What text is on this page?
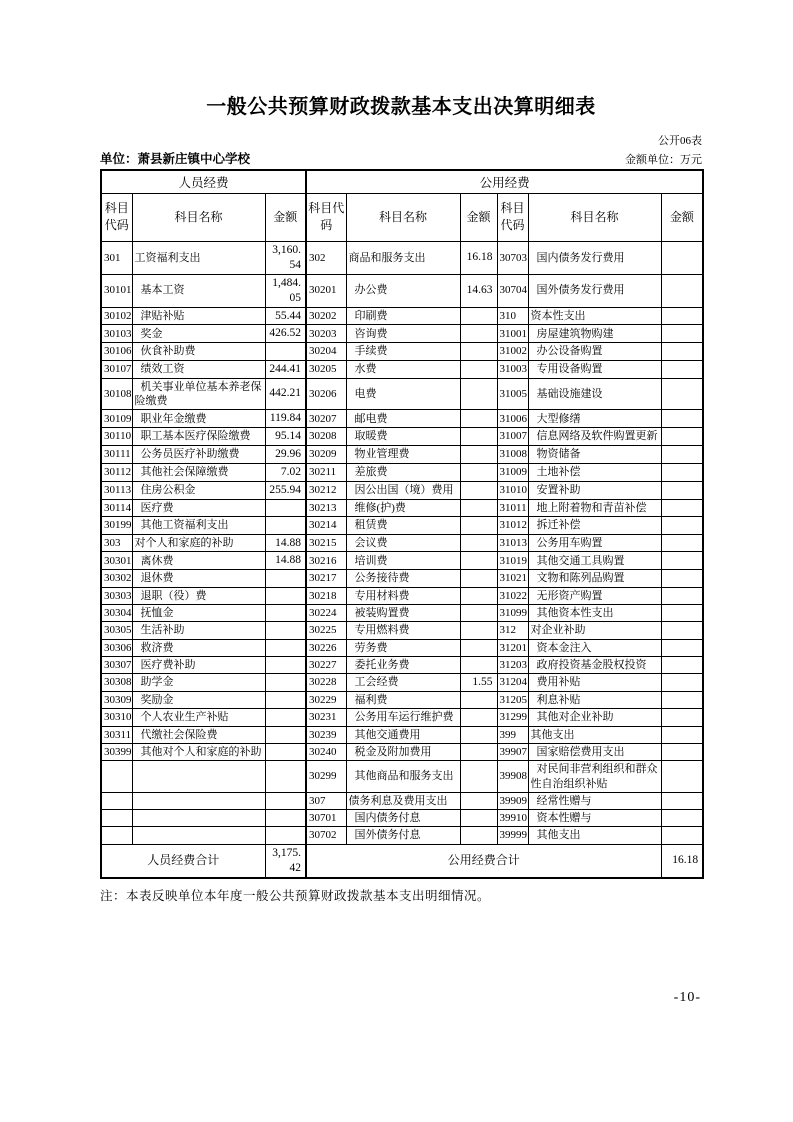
一般公共预算财政拨款基本支出决算明细表
公开06表
单位：萧县新庄镇中心学校	金额单位：万元
人员经费			公用经费					
科目代码	科目名称	金额	科目代码	科目名称	金额	科目代码	科目名称	金额
301	工资福利支出	3,160.54	302	商品和服务支出	16.18	30703	国内债务发行费用	
30101	基本工资	1,484.05	30201	办公费	14.63	30704	国外债务发行费用	
30102	津贴补贴	55.44	30202	印刷费		310	资本性支出	
30103	奖金	426.52	30203	咨询费		31001	房屋建筑物购建	
30106	伙食补助费		30204	手续费		31002	办公设备购置	
30107	绩效工资	244.41	30205	水费		31003	专用设备购置	
30108	机关事业单位基本养老保险缴费	442.21	30206	电费		31005	基础设施建设	
30109	职业年金缴费	119.84	30207	邮电费		31006	大型修缮	
30110	职工基本医疗保险缴费	95.14	30208	取暖费		31007	信息网络及软件购置更新	
30111	公务员医疗补助缴费	29.96	30209	物业管理费		31008	物资储备	
30112	其他社会保障缴费	7.02	30211	差旅费		31009	土地补偿	
30113	住房公积金	255.94	30212	因公出国（境）费用		31010	安置补助	
30114	医疗费		30213	维修(护)费		31011	地上附着物和青苗补偿	
30199	其他工资福利支出		30214	租赁费		31012	拆迁补偿	
303	对个人和家庭的补助	14.88	30215	会议费		31013	公务用车购置	
30301	离休费	14.88	30216	培训费		31019	其他交通工具购置	
30302	退休费		30217	公务接待费		31021	文物和陈列品购置	
30303	退职（役）费		30218	专用材料费		31022	无形资产购置	
30304	抚恤金		30224	被装购置费		31099	其他资本性支出	
30305	生活补助		30225	专用燃料费		312	对企业补助	
30306	救济费		30226	劳务费		31201	资本金注入	
30307	医疗费补助		30227	委托业务费		31203	政府投资基金股权投资	
30308	助学金		30228	工会经费	1.55	31204	费用补贴	
30309	奖励金		30229	福利费		31205	利息补贴	
30310	个人农业生产补贴		30231	公务用车运行维护费		31299	其他对企业补助	
30311	代缴社会保险费		30239	其他交通费用		399	其他支出	
30399	其他对个人和家庭的补助		30240	税金及附加费用		39907	国家赔偿费用支出	
			30299	其他商品和服务支出		39908	对民间非营利组织和群众性自治组织补贴	
			307	债务利息及费用支出		39909	经常性赠与	
			30701	国内债务付息		39910	资本性赠与	
			30702	国外债务付息		39999	其他支出	
人员经费合计		3,175.42	公用经费合计					16.18
注：本表反映单位本年度一般公共预算财政拨款基本支出明细情况。
-10-
